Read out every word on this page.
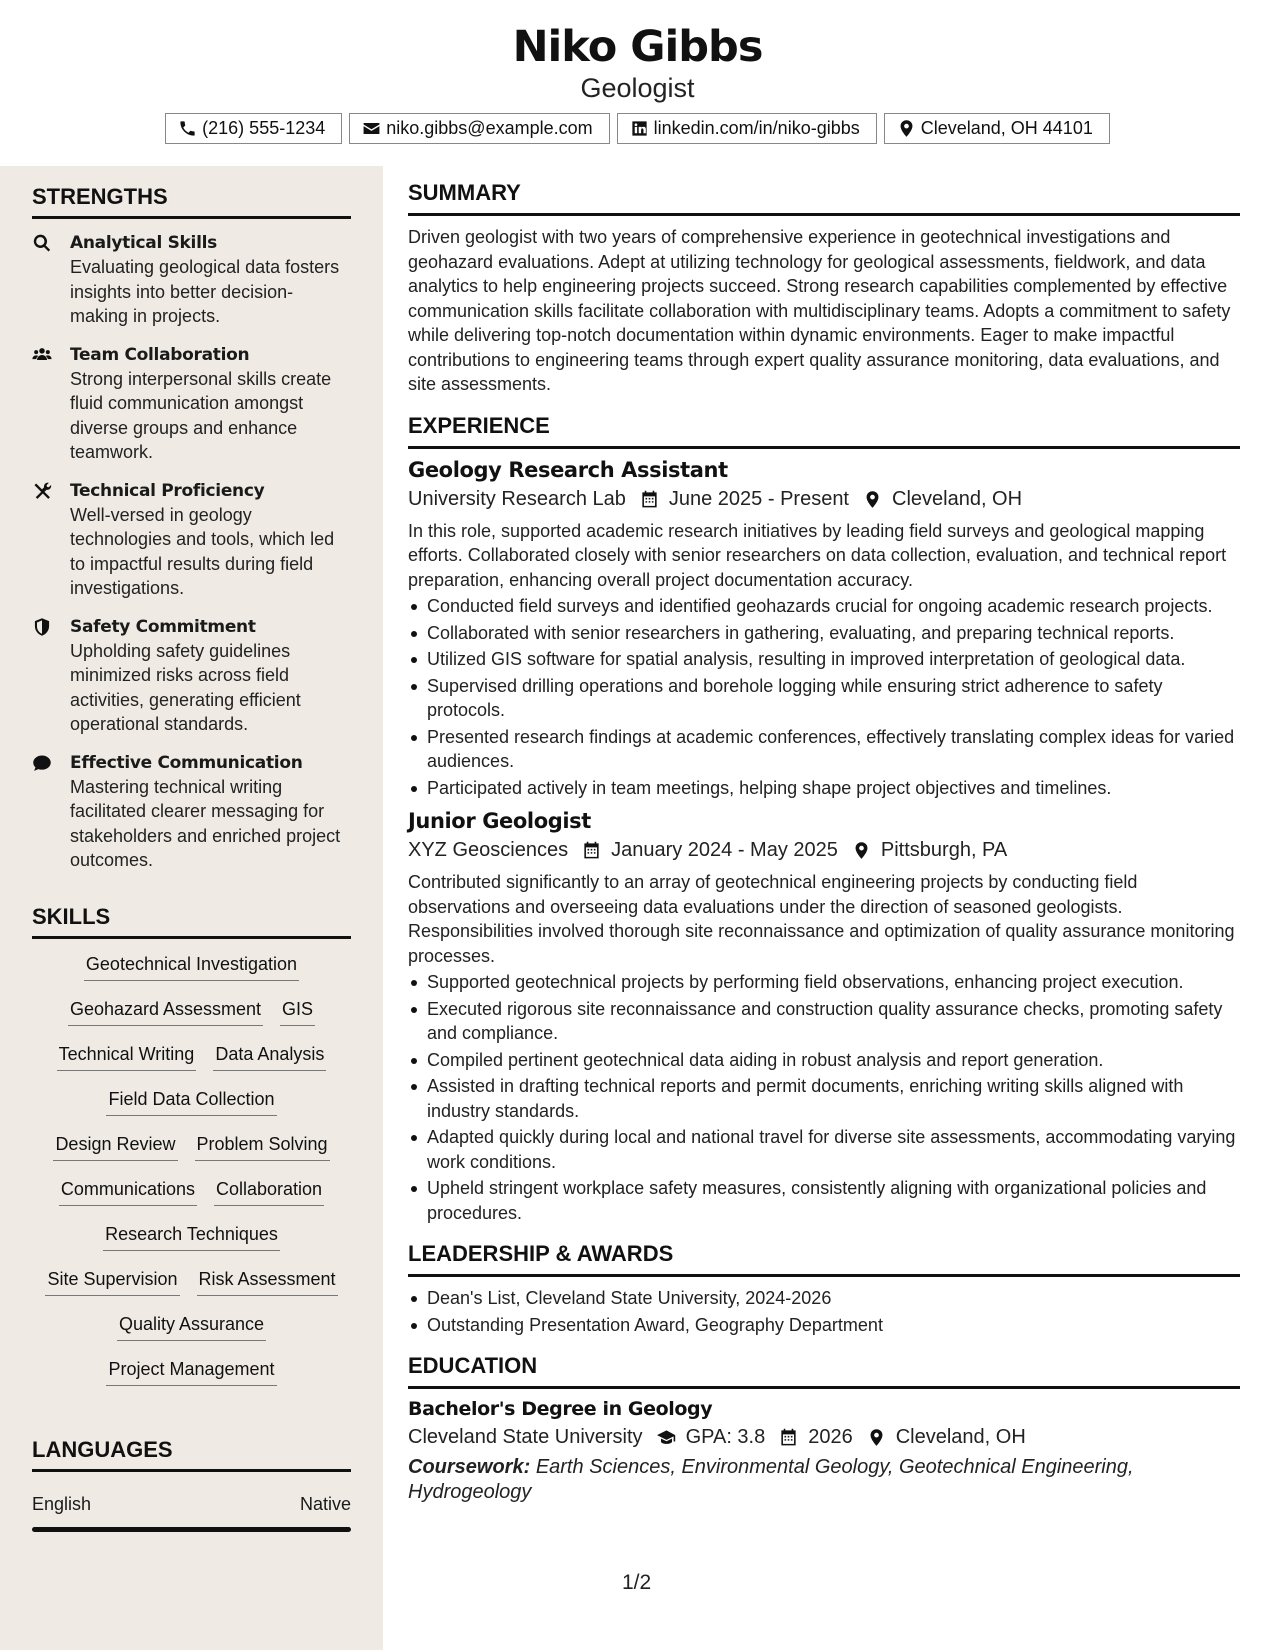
Niko Gibbs
Geologist
(216) 555-1234	niko.gibbs@example.com	linkedin.com/in/niko-gibbs	Cleveland, OH 44101
STRENGTHS
Analytical Skills
Evaluating geological data fosters insights into better decision-making in projects.
Team Collaboration
Strong interpersonal skills create fluid communication amongst diverse groups and enhance teamwork.
Technical Proficiency
Well-versed in geology technologies and tools, which led to impactful results during field investigations.
Safety Commitment
Upholding safety guidelines minimized risks across field activities, generating efficient operational standards.
Effective Communication
Mastering technical writing facilitated clearer messaging for stakeholders and enriched project outcomes.
SKILLS
Geotechnical Investigation
Geohazard Assessment GIS
Technical Writing Data Analysis
Field Data Collection
Design Review Problem Solving
Communications Collaboration
Research Techniques
Site Supervision Risk Assessment
Quality Assurance
Project Management
LANGUAGES
English	Native
SUMMARY

Driven geologist with two years of comprehensive experience in geotechnical investigations and geohazard evaluations. Adept at utilizing technology for geological assessments, fieldwork, and data analytics to help engineering projects succeed. Strong research capabilities complemented by effective communication skills facilitate collaboration with multidisciplinary teams. Adopts a commitment to safety while delivering top-notch documentation within dynamic environments. Eager to make impactful contributions to engineering teams through expert quality assurance monitoring, data evaluations, and site assessments.

EXPERIENCE
Geology Research Assistant
University Research Lab June 2025 - Present Cleveland, OH

In this role, supported academic research initiatives by leading field surveys and geological mapping efforts. Collaborated closely with senior researchers on data collection, evaluation, and technical report preparation, enhancing overall project documentation accuracy.

Conducted field surveys and identified geohazards crucial for ongoing academic research projects.
Collaborated with senior researchers in gathering, evaluating, and preparing technical reports.
Utilized GIS software for spatial analysis, resulting in improved interpretation of geological data.
Supervised drilling operations and borehole logging while ensuring strict adherence to safety protocols.
Presented research findings at academic conferences, effectively translating complex ideas for varied audiences.
Participated actively in team meetings, helping shape project objectives and timelines.
Junior Geologist
XYZ Geosciences January 2024 - May 2025 Pittsburgh, PA

Contributed significantly to an array of geotechnical engineering projects by conducting field observations and overseeing data evaluations under the direction of seasoned geologists. Responsibilities involved thorough site reconnaissance and optimization of quality assurance monitoring processes.

Supported geotechnical projects by performing field observations, enhancing project execution.
Executed rigorous site reconnaissance and construction quality assurance checks, promoting safety and compliance.
Compiled pertinent geotechnical data aiding in robust analysis and report generation.
Assisted in drafting technical reports and permit documents, enriching writing skills aligned with industry standards.
Adapted quickly during local and national travel for diverse site assessments, accommodating varying work conditions.
Upheld stringent workplace safety measures, consistently aligning with organizational policies and procedures.
LEADERSHIP & AWARDS
Dean's List, Cleveland State University, 2024-2026
Outstanding Presentation Award, Geography Department
EDUCATION
Bachelor's Degree in Geology
Cleveland State University GPA: 3.8 2026 Cleveland, OH
Coursework: Earth Sciences, Environmental Geology, Geotechnical Engineering, Hydrogeology
1/2
